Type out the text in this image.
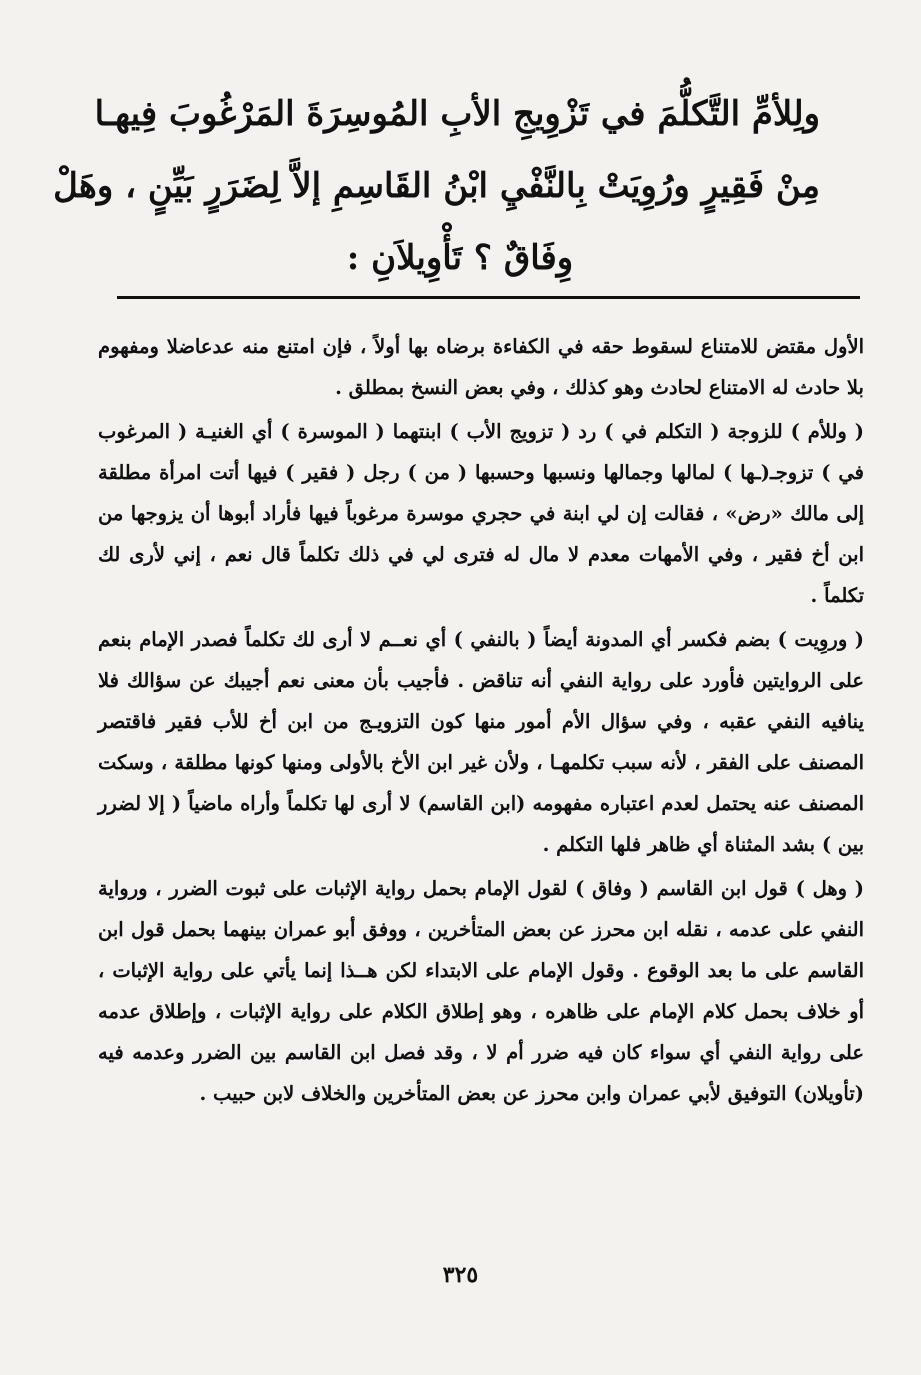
ولِلأمِّ التَّكلُّمَ في تَزْوِيجِ الأبِ المُوسِرَةَ المَرْغُوبَ فِيهـا
مِنْ فَقِيرٍ ورُوِيَتْ بِالنَّفْيِ ابْنُ القَاسِمِ إلاَّ لِضَرَرٍ بَيِّنٍ ، وهَلْ
وِفَاقٌ ؟ تَأْوِيلاَنِ :

الأول مقتض للامتناع لسقوط حقه في الكفاءة برضاه بها أولاً ، فإن امتنع منه عدعاضلا ومفهوم بلا حادث له الامتناع لحادث وهو كذلك ، وفي بعض النسخ بمطلق .

( وللأم ) للزوجة ( التكلم في ) رد ( تزويج الأب ) ابنتهما ( الموسرة ) أي الغنيـة ( المرغوب في ) تزوجـ(ـها ) لمالها وجمالها ونسبها وحسبها ( من ) رجل ( فقير ) فيها أتت امرأة مطلقة إلى مالك «رض» ، فقالت إن لي ابنة في حجري موسرة مرغوباً فيها فأراد أبوها أن يزوجها من ابن أخ فقير ، وفي الأمهات معدم لا مال له فترى لي في ذلك تكلماً قال نعم ، إني لأرى لك تكلماً .

( وروِيت ) بضم فكسر أي المدونة أيضاً ( بالنفي ) أي نعــم لا أرى لك تكلماً فصدر الإمام بنعم على الروايتين فأورد على رواية النفي أنه تناقض . فأجيب بأن معنى نعم أجيبك عن سؤالك فلا ينافيه النفي عقبه ، وفي سؤال الأم أمور منها كون التزويـج من ابن أخ للأب فقير فاقتصر المصنف على الفقر ، لأنه سبب تكلمهـا ، ولأن غير ابن الأخ بالأولى ومنها كونها مطلقة ، وسكت المصنف عنه يحتمل لعدم اعتباره مفهومه (ابن القاسم) لا أرى لها تكلماً وأراه ماضياً ( إلا لضرر بين ) بشد المثناة أي ظاهر فلها التكلم .

( وهل ) قول ابن القاسم ( وفاق ) لقول الإمام بحمل رواية الإثبات على ثبوت الضرر ، ورواية النفي على عدمه ، نقله ابن محرز عن بعض المتأخرين ، ووفق أبو عمران بينهما بحمل قول ابن القاسم على ما بعد الوقوع . وقول الإمام على الابتداء لكن هــذا إنما يأتي على رواية الإثبات ، أو خلاف بحمل كلام الإمام على ظاهره ، وهو إطلاق الكلام على رواية الإثبات ، وإطلاق عدمه على رواية النفي أي سواء كان فيه ضرر أم لا ، وقد فصل ابن القاسم بين الضرر وعدمه فيه (تأويلان) التوفيق لأبي عمران وابن محرز عن بعض المتأخرين والخلاف لابن حبيب .

٣٢٥
